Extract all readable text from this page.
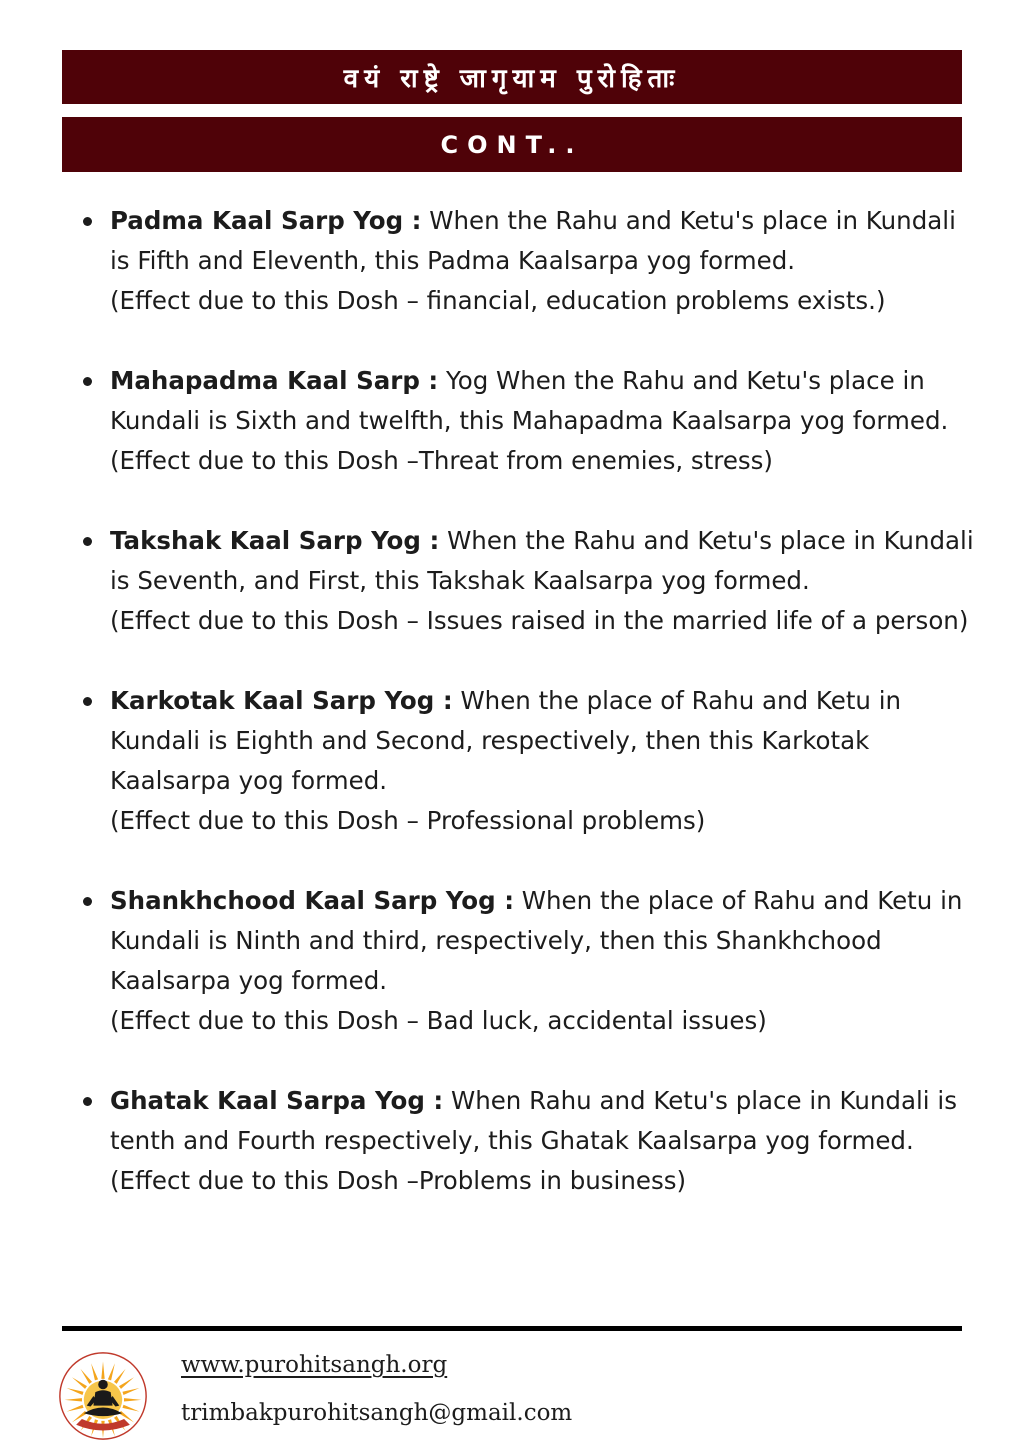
वयं राष्ट्रे जागृयाम पुरोहिताः
CONT..
Padma Kaal Sarp Yog : When the Rahu and Ketu's place in Kundali is Fifth and Eleventh, this Padma Kaalsarpa yog formed.
(Effect due to this Dosh – financial, education problems exists.)
Mahapadma Kaal Sarp : Yog When the Rahu and Ketu's place in Kundali is Sixth and twelfth, this Mahapadma Kaalsarpa yog formed.
(Effect due to this Dosh –Threat from enemies, stress)
Takshak Kaal Sarp Yog : When the Rahu and Ketu's place in Kundali is Seventh, and First, this Takshak Kaalsarpa yog formed.
(Effect due to this Dosh – Issues raised in the married life of a person)
Karkotak Kaal Sarp Yog : When the place of Rahu and Ketu in Kundali is Eighth and Second, respectively, then this Karkotak Kaalsarpa yog formed.
(Effect due to this Dosh – Professional problems)
Shankhchood Kaal Sarp Yog : When the place of Rahu and Ketu in Kundali is Ninth and third, respectively, then this Shankhchood Kaalsarpa yog formed.
(Effect due to this Dosh – Bad luck, accidental issues)
Ghatak Kaal Sarpa Yog : When Rahu and Ketu's place in Kundali is tenth and Fourth respectively, this Ghatak Kaalsarpa yog formed.
(Effect due to this Dosh –Problems in business)
www.purohitsangh.org
trimbakpurohitsangh@gmail.com
